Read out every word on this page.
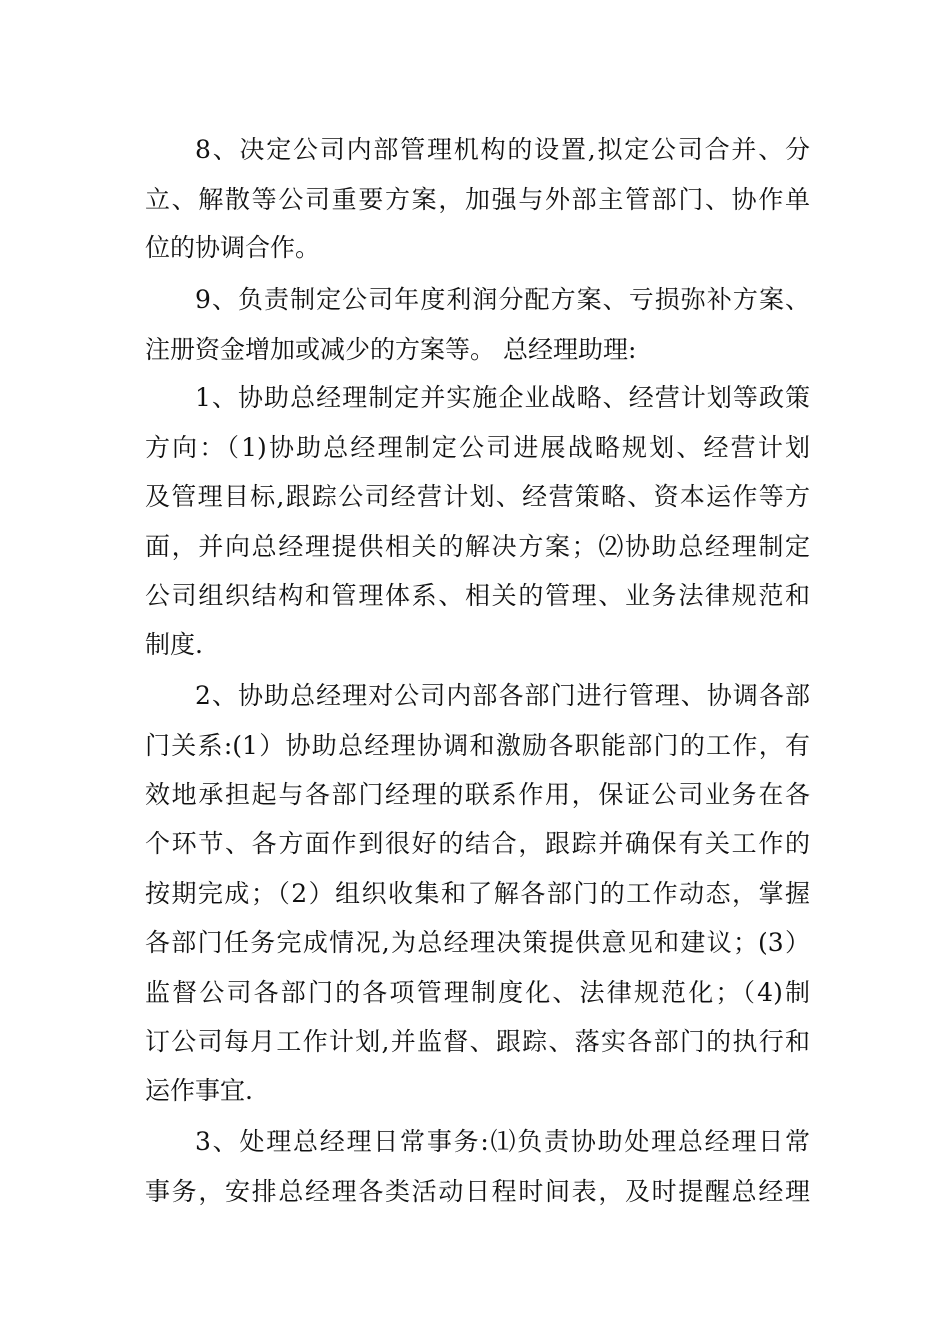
8、决定公司内部管理机构的设置,拟定公司合并、分
立、解散等公司重要方案，加强与外部主管部门、协作单
位的协调合作。
9、负责制定公司年度利润分配方案、亏损弥补方案、
注册资金增加或减少的方案等。 总经理助理:
1、协助总经理制定并实施企业战略、经营计划等政策
方向：（1)协助总经理制定公司进展战略规划、经营计划
及管理目标,跟踪公司经营计划、经营策略、资本运作等方
面，并向总经理提供相关的解决方案；⑵协助总经理制定
公司组织结构和管理体系、相关的管理、业务法律规范和
制度.
2、协助总经理对公司内部各部门进行管理、协调各部
门关系:(1）协助总经理协调和激励各职能部门的工作，有
效地承担起与各部门经理的联系作用，保证公司业务在各
个环节、各方面作到很好的结合，跟踪并确保有关工作的
按期完成；（2）组织收集和了解各部门的工作动态，掌握
各部门任务完成情况,为总经理决策提供意见和建议；(3）
监督公司各部门的各项管理制度化、法律规范化；（4)制
订公司每月工作计划,并监督、跟踪、落实各部门的执行和
运作事宜.
3、处理总经理日常事务:⑴负责协助处理总经理日常
事务，安排总经理各类活动日程时间表，及时提醒总经理
